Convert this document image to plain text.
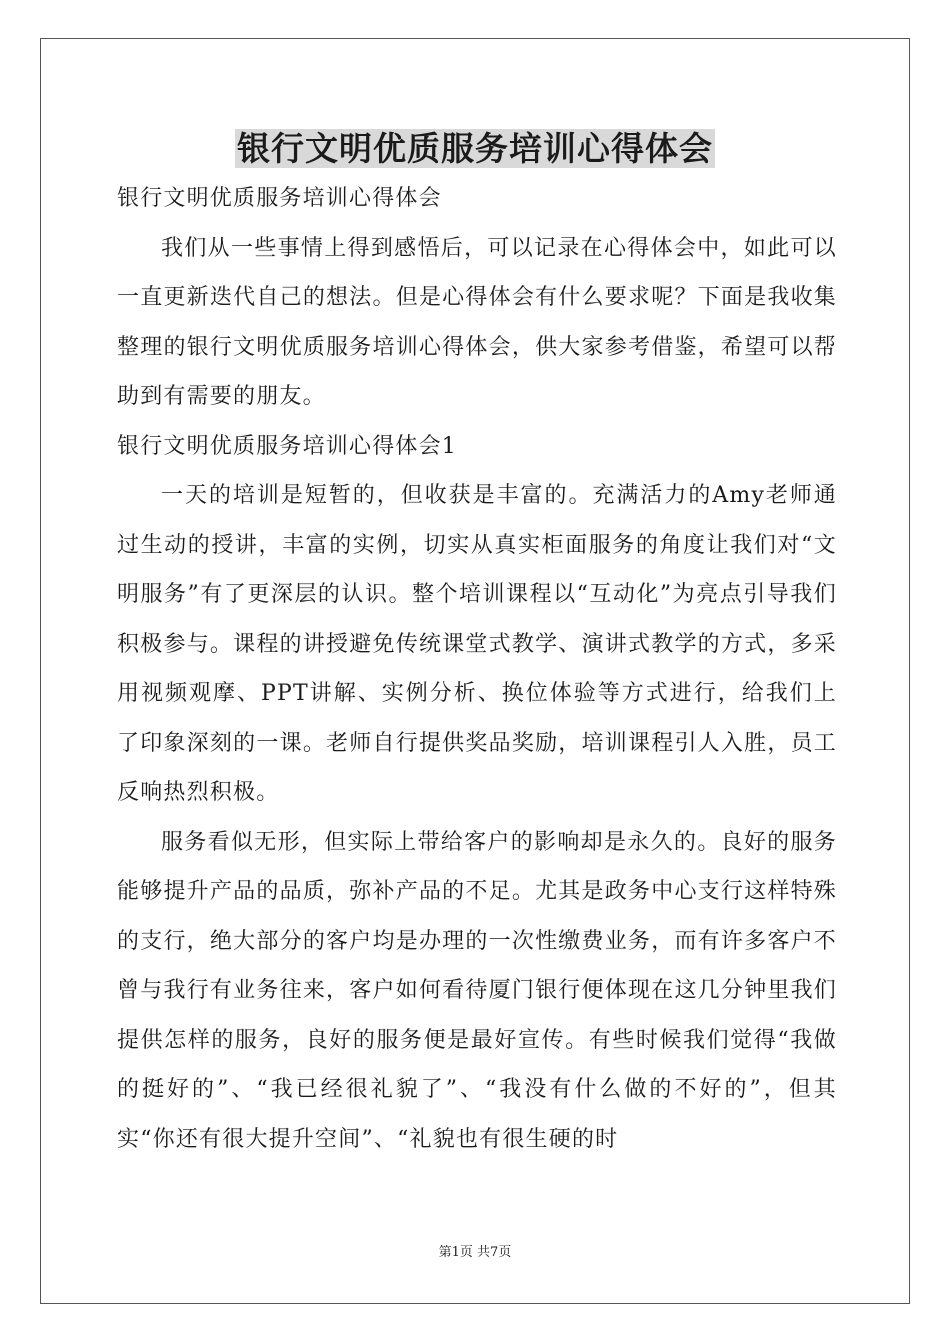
银行文明优质服务培训心得体会

银行文明优质服务培训心得体会

我们从一些事情上得到感悟后，可以记录在心得体会中，如此可以一直更新迭代自己的想法。但是心得体会有什么要求呢？下面是我收集整理的银行文明优质服务培训心得体会，供大家参考借鉴，希望可以帮助到有需要的朋友。

银行文明优质服务培训心得体会1

一天的培训是短暂的，但收获是丰富的。充满活力的Amy老师通过生动的授讲，丰富的实例，切实从真实柜面服务的角度让我们对“文明服务”有了更深层的认识。整个培训课程以“互动化”为亮点引导我们积极参与。课程的讲授避免传统课堂式教学、演讲式教学的方式，多采用视频观摩、PPT讲解、实例分析、换位体验等方式进行，给我们上了印象深刻的一课。老师自行提供奖品奖励，培训课程引人入胜，员工反响热烈积极。

服务看似无形，但实际上带给客户的影响却是永久的。良好的服务能够提升产品的品质，弥补产品的不足。尤其是政务中心支行这样特殊的支行，绝大部分的客户均是办理的一次性缴费业务，而有许多客户不曾与我行有业务往来，客户如何看待厦门银行便体现在这几分钟里我们提供怎样的服务，良好的服务便是最好宣传。有些时候我们觉得“我做的挺好的”、“我已经很礼貌了”、“我没有什么做的不好的”，但其实“你还有很大提升空间”、“礼貌也有很生硬的时

第1页 共7页
